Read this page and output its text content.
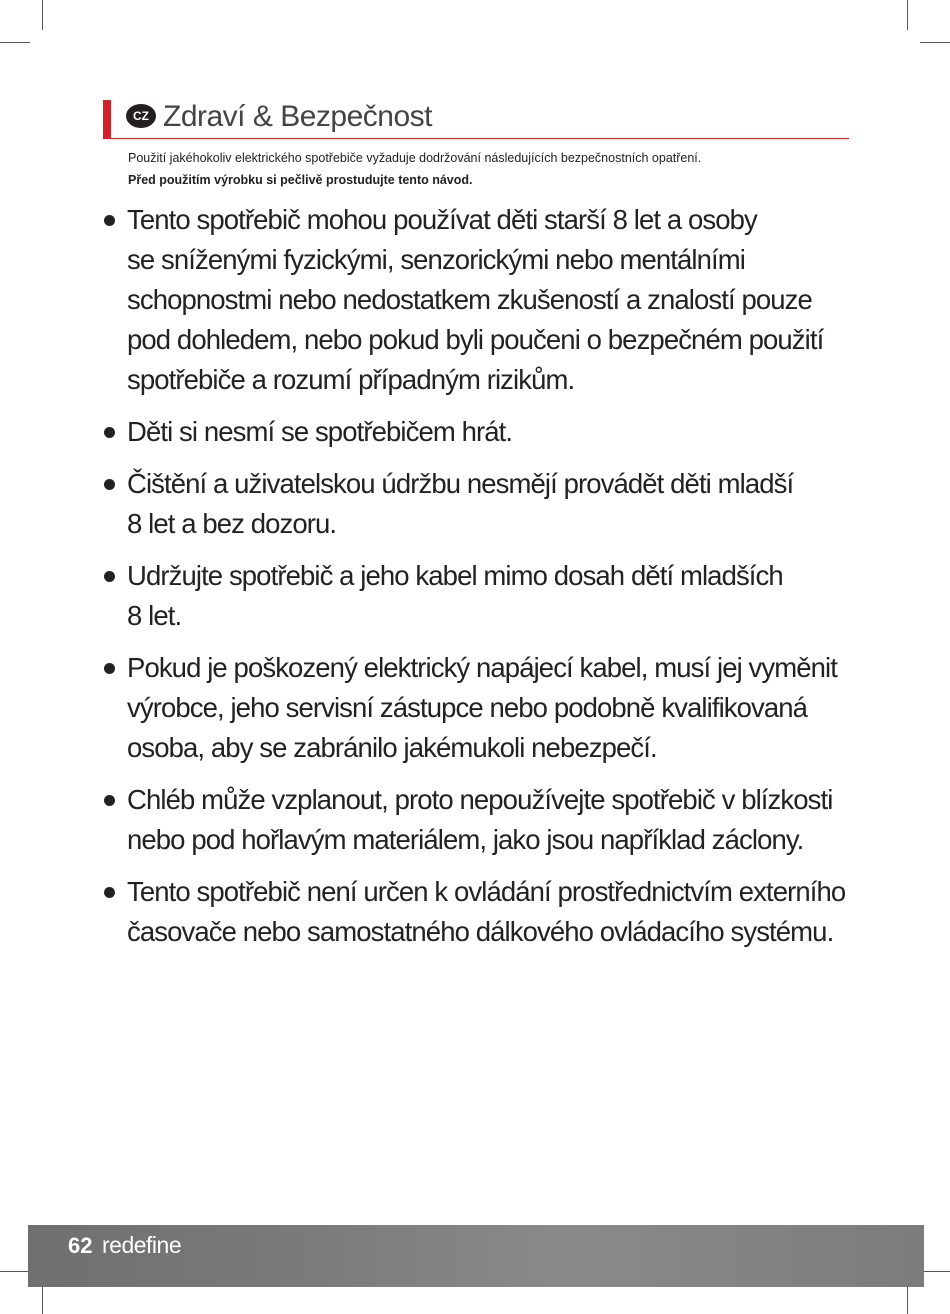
CZ Zdraví & Bezpečnost

Použití jakéhokoliv elektrického spotřebiče vyžaduje dodržování následujících bezpečnostních opatření.

Před použitím výrobku si pečlivě prostudujte tento návod.

Tento spotřebič mohou používat děti starší 8 let a osoby
se sníženými fyzickými, senzorickými nebo mentálními
schopnostmi nebo nedostatkem zkušeností a znalostí pouze
pod dohledem, nebo pokud byli poučeni o bezpečném použití
spotřebiče a rozumí případným rizikům.
Děti si nesmí se spotřebičem hrát.
Čištění a uživatelskou údržbu nesmějí provádět děti mladší
8 let a bez dozoru.
Udržujte spotřebič a jeho kabel mimo dosah dětí mladších
8 let.
Pokud je poškozený elektrický napájecí kabel, musí jej vyměnit
výrobce, jeho servisní zástupce nebo podobně kvalifikovaná
osoba, aby se zabránilo jakémukoli nebezpečí.
Chléb může vzplanout, proto nepoužívejte spotřebič v blízkosti
nebo pod hořlavým materiálem, jako jsou například záclony.
Tento spotřebič není určen k ovládání prostřednictvím externího
časovače nebo samostatného dálkového ovládacího systému.
62 redefine
